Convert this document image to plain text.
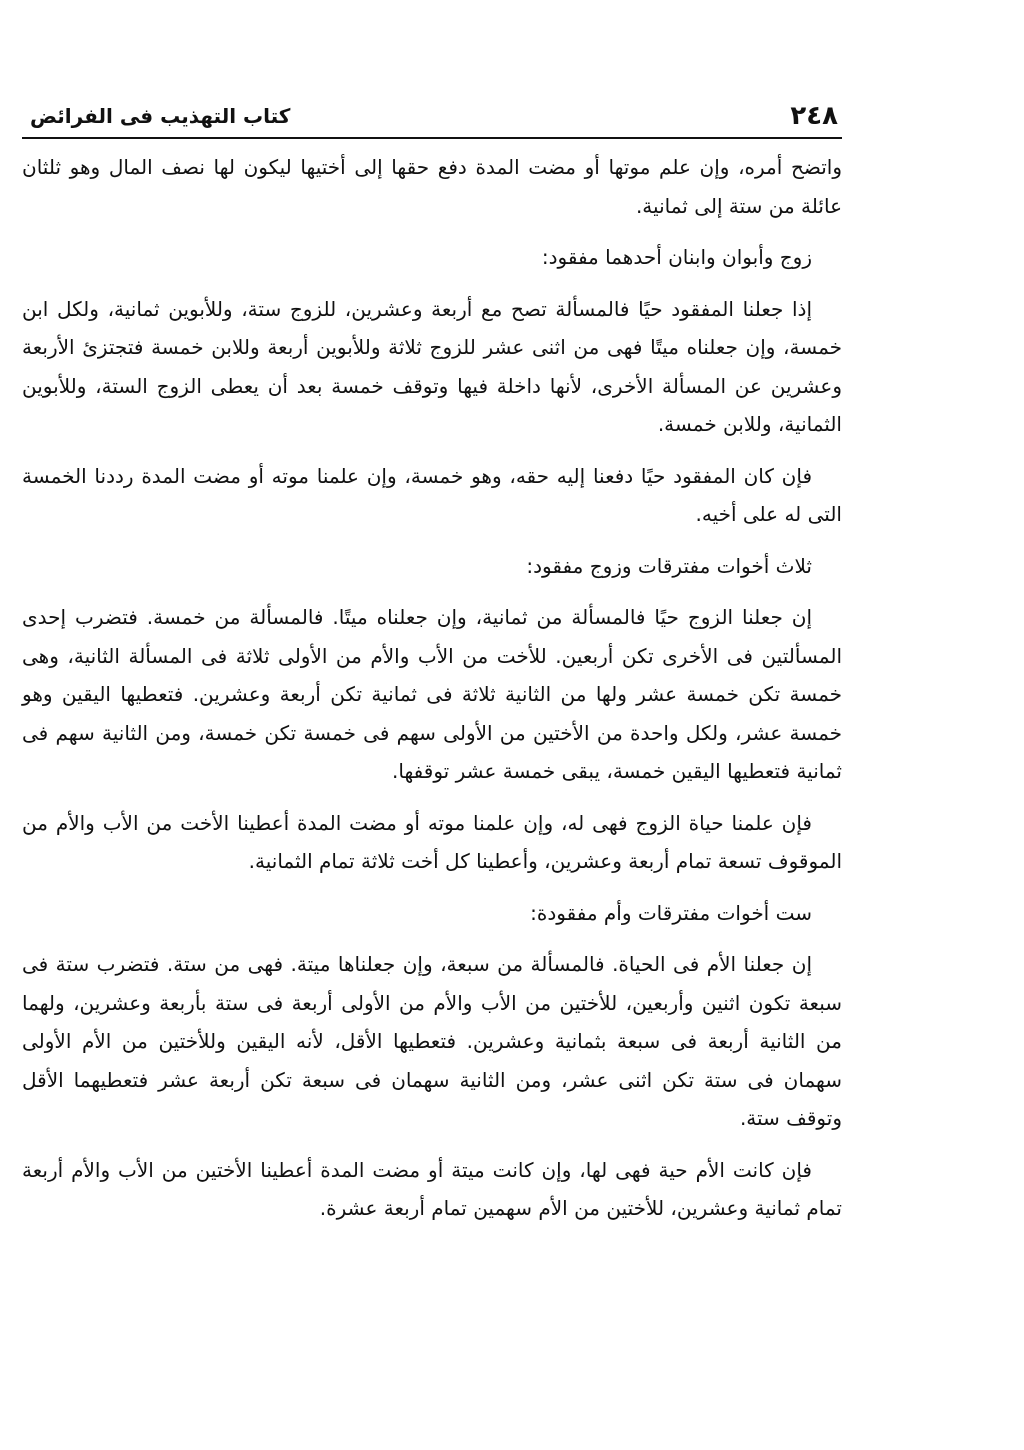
٢٤٨
كتاب التهذيب فى الفرائض

واتضح أمره، وإن علم موتها أو مضت المدة دفع حقها إلى أختيها ليكون لها نصف المال وهو ثلثان عائلة من ستة إلى ثمانية.

زوج وأبوان وابنان أحدهما مفقود:

إذا جعلنا المفقود حيًا فالمسألة تصح مع أربعة وعشرين، للزوج ستة، وللأبوين ثمانية، ولكل ابن خمسة، وإن جعلناه ميتًا فهى من اثنى عشر للزوج ثلاثة وللأبوين أربعة وللابن خمسة فتجتزئ الأربعة وعشرين عن المسألة الأخرى، لأنها داخلة فيها وتوقف خمسة بعد أن يعطى الزوج الستة، وللأبوين الثمانية، وللابن خمسة.

فإن كان المفقود حيًا دفعنا إليه حقه، وهو خمسة، وإن علمنا موته أو مضت المدة رددنا الخمسة التى له على أخيه.

ثلاث أخوات مفترقات وزوج مفقود:

إن جعلنا الزوج حيًا فالمسألة من ثمانية، وإن جعلناه ميتًا. فالمسألة من خمسة. فتضرب إحدى المسألتين فى الأخرى تكن أربعين. للأخت من الأب والأم من الأولى ثلاثة فى المسألة الثانية، وهى خمسة تكن خمسة عشر ولها من الثانية ثلاثة فى ثمانية تكن أربعة وعشرين. فتعطيها اليقين وهو خمسة عشر، ولكل واحدة من الأختين من الأولى سهم فى خمسة تكن خمسة، ومن الثانية سهم فى ثمانية فتعطيها اليقين خمسة، يبقى خمسة عشر توقفها.

فإن علمنا حياة الزوج فهى له، وإن علمنا موته أو مضت المدة أعطينا الأخت من الأب والأم من الموقوف تسعة تمام أربعة وعشرين، وأعطينا كل أخت ثلاثة تمام الثمانية.

ست أخوات مفترقات وأم مفقودة:

إن جعلنا الأم فى الحياة. فالمسألة من سبعة، وإن جعلناها ميتة. فهى من ستة. فتضرب ستة فى سبعة تكون اثنين وأربعين، للأختين من الأب والأم من الأولى أربعة فى ستة بأربعة وعشرين، ولهما من الثانية أربعة فى سبعة بثمانية وعشرين. فتعطيها الأقل، لأنه اليقين وللأختين من الأم الأولى سهمان فى ستة تكن اثنى عشر، ومن الثانية سهمان فى سبعة تكن أربعة عشر فتعطيهما الأقل وتوقف ستة.

فإن كانت الأم حية فهى لها، وإن كانت ميتة أو مضت المدة أعطينا الأختين من الأب والأم أربعة تمام ثمانية وعشرين، للأختين من الأم سهمين تمام أربعة عشرة.
